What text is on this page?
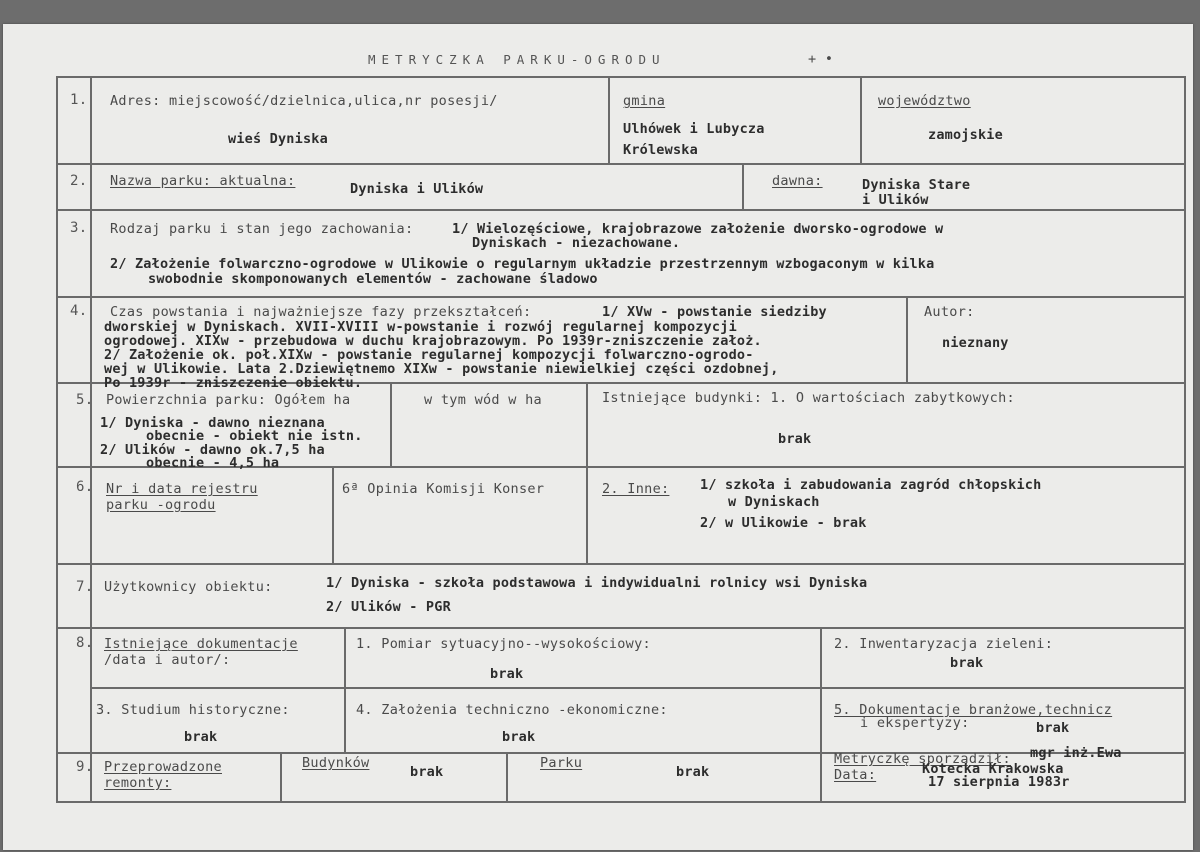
METRYCZKA PARKU-OGRODU	+ •
1. Adres: miejscowość/dzielnica,ulica,nr posesji/
wieś Dyniska
gmina
Ulhówek i Lubycza
Królewska
województwo
zamojskie
2. Nazwa parku: aktualna:	Dyniska i Ulików	dawna:	Dyniska Stare
i Ulików
3. Rodzaj parku i stan jego zachowania:	1/ Wielozęściowe, krajobrazowe założenie dworsko-ogrodowe w
Dyniskach - niezachowane.
2/ Założenie folwarczno-ogrodowe w Ulikowie o regularnym układzie przestrzennym wzbogaconym w kilka
swobodnie skomponowanych elementów - zachowane śladowo
4. Czas powstania i najważniejsze fazy przekształceń:	1/ XVw - powstanie siedziby
dworskiej w Dyniskach. XVII-XVIII w-powstanie i rozwój regularnej kompozycji
ogrodowej. XIXw - przebudowa w duchu krajobrazowym. Po 1939r-zniszczenie założ.
2/ Założenie ok. poł.XIXw - powstanie regularnej kompozycji folwarczno-ogrodo-
wej w Ulikowie. Lata 2.Dziewiętnemo XIXw - powstanie niewielkiej części ozdobnej,
Po 1939r - zniszczenie obiektu.
Autor:
nieznany
5. Powierzchnia parku: Ogółem ha
1/ Dyniska - dawno nieznana
obecnie - obiekt nie istn.
2/ Ulików - dawno ok.7,5 ha
obecnie - 4,5 ha
w tym wód w ha	Istniejące budynki: 1. O wartościach zabytkowych:
brak
6. Nr i data rejestru
parku -ogrodu
6ª Opinia Komisji Konser	2. Inne: 1/ szkoła i zabudowania zagród chłopskich
w Dyniskach
2/ w Ulikowie - brak
7. Użytkownicy obiektu:	1/ Dyniska - szkoła podstawowa i indywidualni rolnicy wsi Dyniska
2/ Ulików - PGR
8. Istniejące dokumentacje
/data i autor/:
1. Pomiar sytuacyjno--wysokościowy:
brak
2. Inwentaryzacja zieleni:
brak
3. Studium historyczne:
brak
4. Założenia techniczno -ekonomiczne:
brak
5. Dokumentacje branżowe,technicz
i ekspertyzy:	brak
9. Przeprowadzone
remonty:
Budynków
brak
Parku
brak
Metryczkę sporządził: mgr inż.Ewa
Kotecka Krakowska
Data:	17 sierpnia 1983r
